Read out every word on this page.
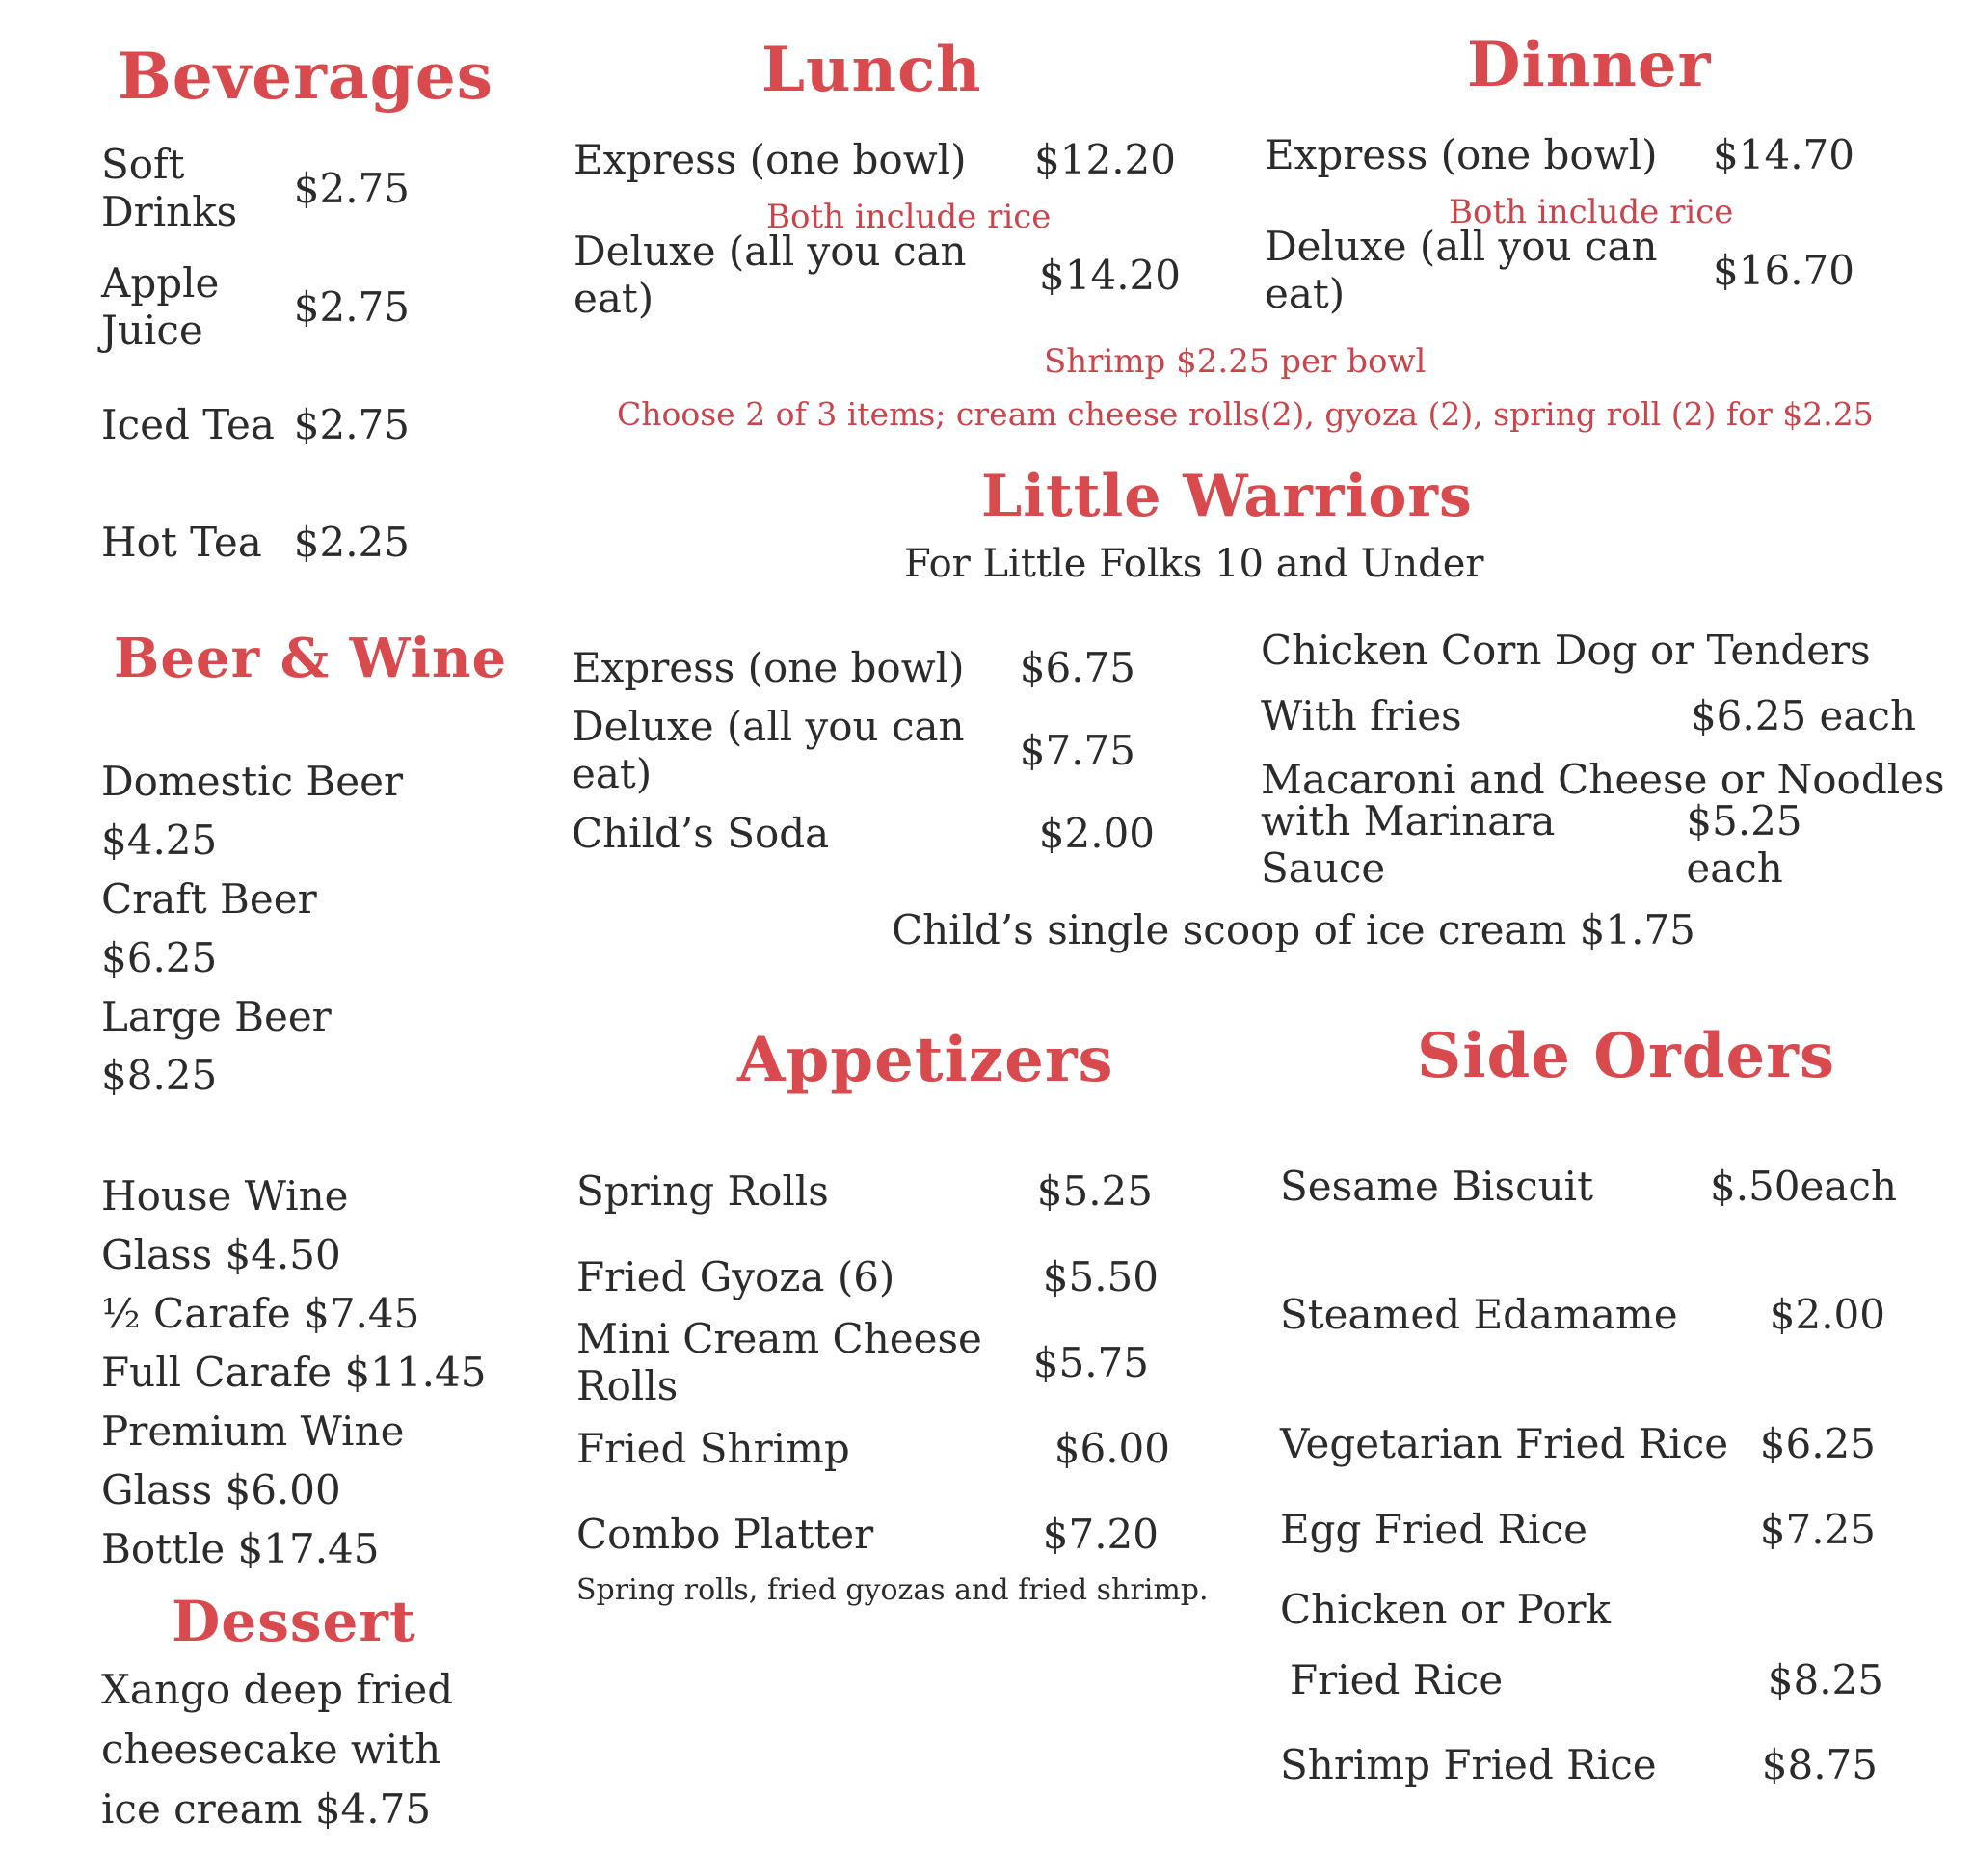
Beverages
Soft Drinks	$2.75
Apple Juice	$2.75
Iced Tea $2.75
Hot Tea $2.25
Beer & Wine
Domestic Beer
$4.25
Craft Beer
$6.25
Large Beer
$8.25
House Wine
Glass $4.50
½ Carafe $7.45
Full Carafe $11.45
Premium Wine
Glass $6.00
Bottle $17.45
Dessert
Xango deep fried
cheesecake with
ice cream $4.75
Lunch
Express (one bowl) $12.20
Both include rice
Deluxe (all you can eat)	$14.20
Dinner
Express (one bowl) $14.70
Both include rice
Deluxe (all you can eat)	$16.70
Shrimp $2.25 per bowl
Choose 2 of 3 items; cream cheese rolls(2), gyoza (2), spring roll (2) for $2.25
Little Warriors
For Little Folks 10 and Under
Express (one bowl) $6.75
Deluxe (all you can eat)	$7.75
Child’s Soda	$2.00
Chicken Corn Dog or Tenders
With fries	$6.25 each
Macaroni and Cheese or Noodles
with Marinara Sauce
$5.25 each
Child’s single scoop of ice cream $1.75
Appetizers
Spring Rolls	$5.25
Fried Gyoza (6)	$5.50
Mini Cream Cheese Rolls	$5.75
Fried Shrimp	$6.00
Combo Platter	$7.20
Spring rolls, fried gyozas and fried shrimp.
Side Orders
Sesame Biscuit	$.50each
Steamed Edamame $2.00
Vegetarian Fried Rice $6.25
Egg Fried Rice	$7.25
Chicken or Pork
Fried Rice	$8.25
Shrimp Fried Rice	$8.75
